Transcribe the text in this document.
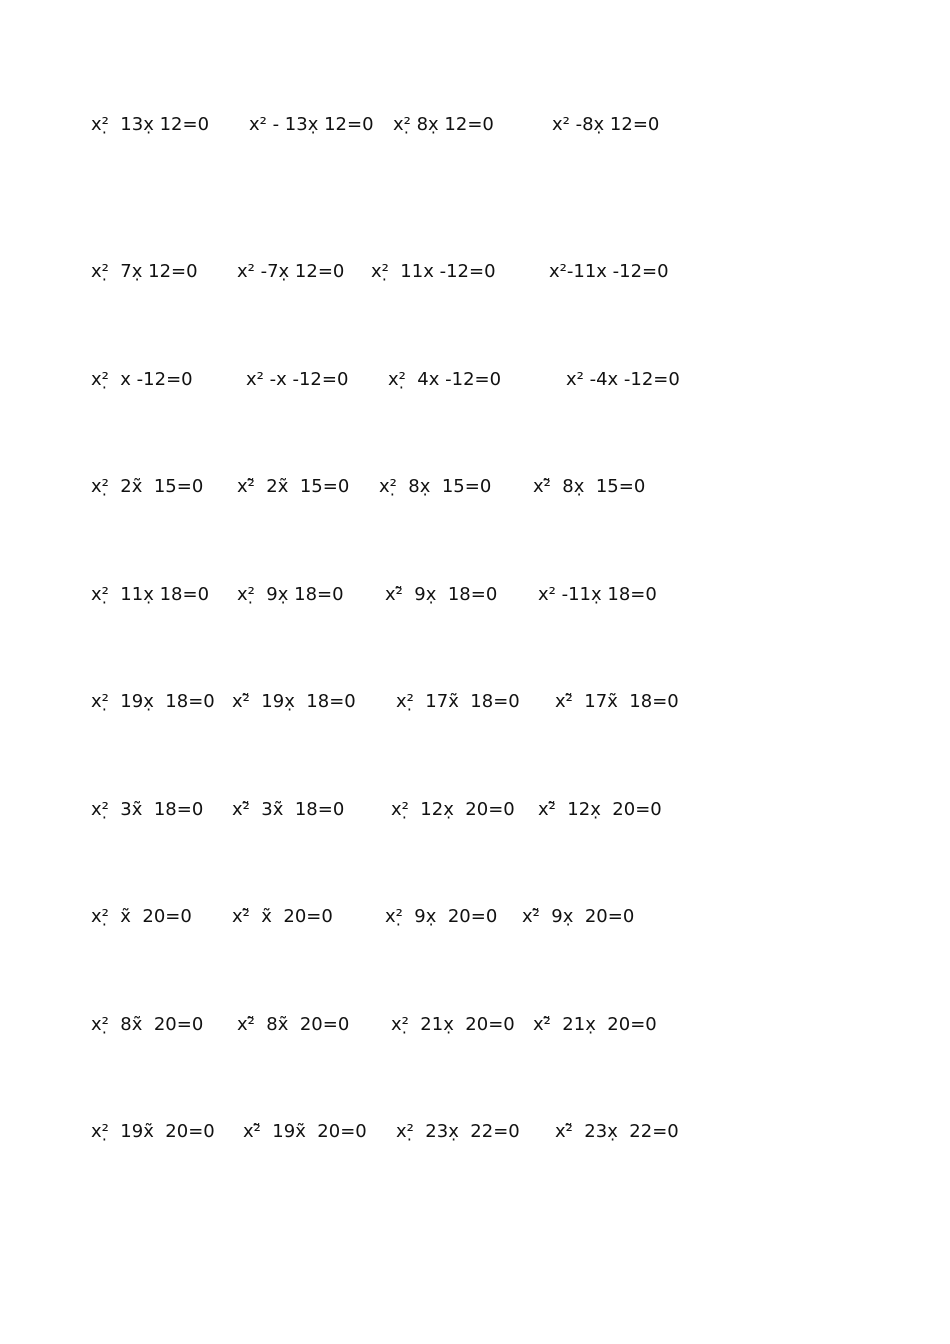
x²̣  13x̣ 12=0 x² - 13x̣ 12=0 x²̣ 8x̣ 12=0	x² -8x̣ 12=0
x²̣  7x̣ 12=0 x² -7x̣ 12=0 x²̣  11x -12=0	x²-11x -12=0
x²̣  x -12=0	x² -x -12=0 x²̣  4x -12=0	x² -4x -12=0
x²̣  2x̃  15=0 x²̃  2x̃  15=0 x²̣  8x̣  15=0 x²̃  8x̣  15=0
x²̣  11x̣ 18=0 x²̣  9x̣ 18=0 x²̃  9x̣  18=0 x² -11x̣ 18=0
x²̣  19x̣  18=0 x²̃  19x̣  18=0 x²̣  17x̃  18=0 x²̃  17x̃  18=0
x²̣  3x̃  18=0 x²̃  3x̃  18=0	x²̣  12x̣  20=0 x²̃  12x̣  20=0
x²̣  x̃  20=0 x²̃  x̃  20=0	x²̣  9x̣  20=0 x²̃  9x̣  20=0
x²̣  8x̃  20=0 x²̃  8x̃  20=0 x²̣  21x̣  20=0 x²̃  21x̣  20=0
x²̣  19x̃  20=0 x²̃  19x̃  20=0 x²̣  23x̣  22=0 x²̃  23x̣  22=0
